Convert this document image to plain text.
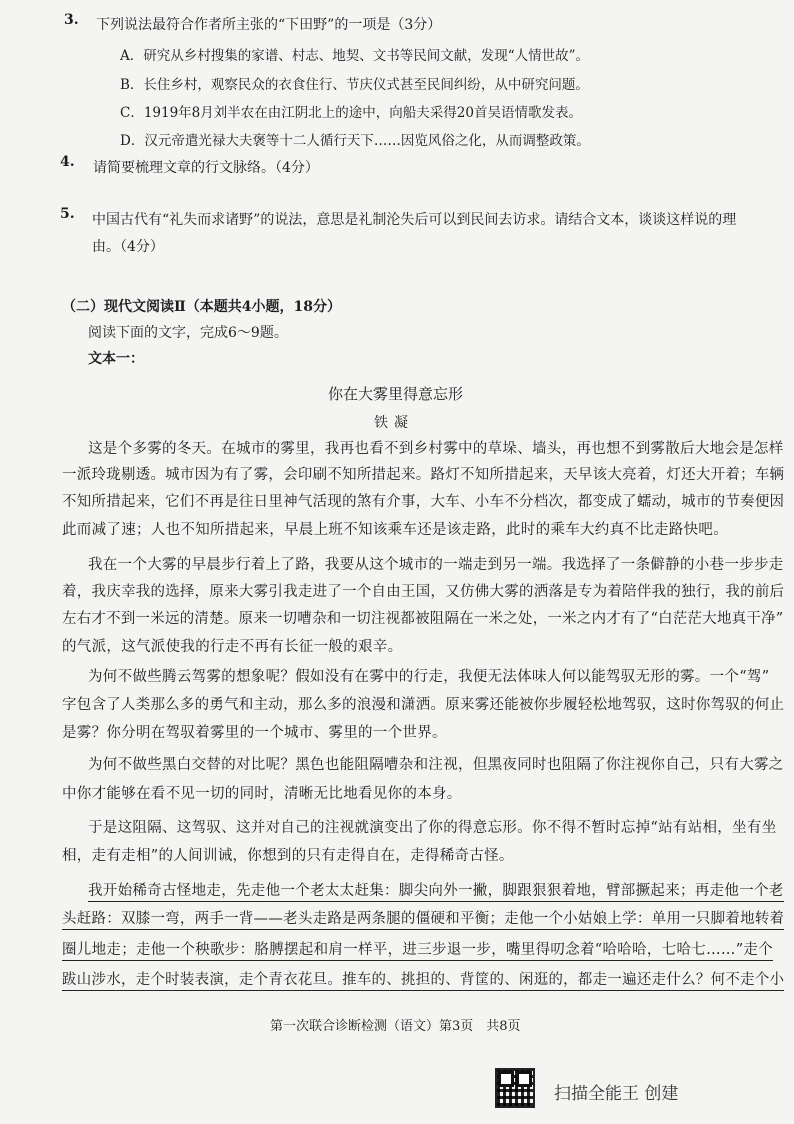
3. 下列说法最符合作者所主张的“下田野”的一项是（3分）
A．研究从乡村搜集的家谱、村志、地契、文书等民间文献，发现“人情世故”。
B．长住乡村，观察民众的衣食住行、节庆仪式甚至民间纠纷，从中研究问题。
C．1919年8月刘半农在由江阴北上的途中，向船夫采得20首吴语情歌发表。
D．汉元帝遣光禄大夫褒等十二人循行天下……因览风俗之化，从而调整政策。
4. 请简要梳理文章的行文脉络。（4分）
5. 中国古代有“礼失而求诸野”的说法，意思是礼制沦失后可以到民间去访求。请结合文本，谈谈这样说的理
由。（4分）
（二）现代文阅读Ⅱ（本题共4小题，18分）
阅读下面的文字，完成6～9题。
文本一：
你在大雾里得意忘形
铁凝
这是个多雾的冬天。在城市的雾里，我再也看不到乡村雾中的草垛、墙头，再也想不到雾散后大地会是怎样
一派玲珑剔透。城市因为有了雾，会印刷不知所措起来。路灯不知所措起来，天早该大亮着，灯还大开着；车辆
不知所措起来，它们不再是往日里神气活现的煞有介事，大车、小车不分档次，都变成了蠕动，城市的节奏便因
此而减了速；人也不知所措起来，早晨上班不知该乘车还是该走路，此时的乘车大约真不比走路快吧。
我在一个大雾的早晨步行着上了路，我要从这个城市的一端走到另一端。我选择了一条僻静的小巷一步步走
着，我庆幸我的选择，原来大雾引我走进了一个自由王国，又仿佛大雾的洒落是专为着陪伴我的独行，我的前后
左右才不到一米远的清楚。原来一切嘈杂和一切注视都被阻隔在一米之处，一米之内才有了“白茫茫大地真干净”
的气派，这气派使我的行走不再有长征一般的艰辛。
为何不做些腾云驾雾的想象呢？假如没有在雾中的行走，我便无法体味人何以能驾驭无形的雾。一个“驾”
字包含了人类那么多的勇气和主动，那么多的浪漫和潇洒。原来雾还能被你步履轻松地驾驭，这时你驾驭的何止
是雾？你分明在驾驭着雾里的一个城市、雾里的一个世界。
为何不做些黑白交替的对比呢？黑色也能阻隔嘈杂和注视，但黑夜同时也阻隔了你注视你自己，只有大雾之
中你才能够在看不见一切的同时，清晰无比地看见你的本身。
于是这阻隔、这驾驭、这并对自己的注视就演变出了你的得意忘形。你不得不暂时忘掉“站有站相，坐有坐
相，走有走相”的人间训诫，你想到的只有走得自在，走得稀奇古怪。
我开始稀奇古怪地走，先走他一个老太太赶集：脚尖向外一撇，脚跟狠狠着地，臂部撅起来；再走他一个老
头赶路：双膝一弯，两手一背——老头走路是两条腿的僵硬和平衡；走他一个小姑娘上学：单用一只脚着地转着
圈儿地走；走他一个秧歌步：胳膊摆起和肩一样平，进三步退一步，嘴里得叨念着“哈哈哈，七哈七……”走个
跋山涉水，走个时装表演，走个青衣花旦。推车的、挑担的、背筐的、闲逛的，都走一遍还走什么？何不走个小
第一次联合诊断检测（语文）第3页　共8页
扫描全能王 创建
